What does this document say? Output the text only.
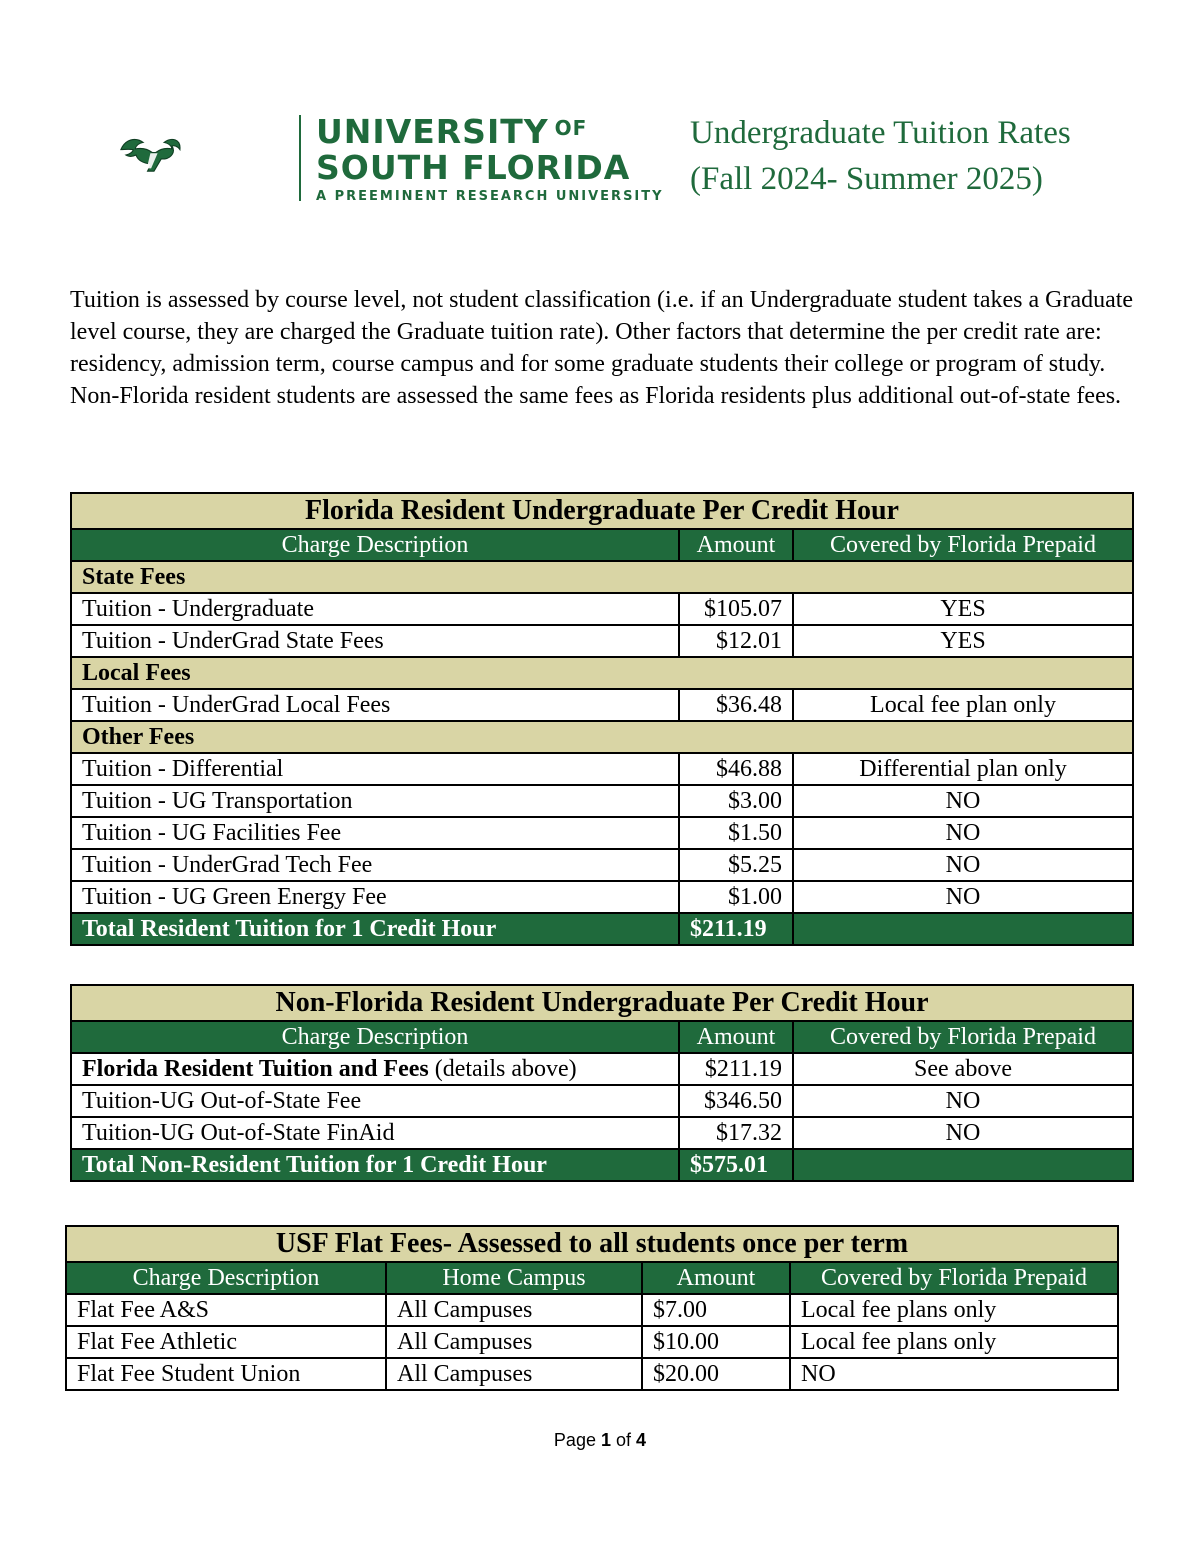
UNIVERSITY $^{OF}$
SOUTH FLORIDA
A PREEMINENT RESEARCH UNIVERSITY
Undergraduate Tuition Rates
(Fall 2024- Summer 2025)
Tuition is assessed by course level, not student classification (i.e. if an Undergraduate student takes a Graduate level course, they are charged the Graduate tuition rate). Other factors that determine the per credit rate are: residency, admission term, course campus and for some graduate students their college or program of study. Non-Florida resident students are assessed the same fees as Florida residents plus additional out-of-state fees.
Florida Resident Undergraduate Per Credit Hour		
Charge Description	Amount	Covered by Florida Prepaid
State Fees		
Tuition - Undergraduate	$105.07	YES
Tuition - UnderGrad State Fees	$12.01	YES
Local Fees		
Tuition - UnderGrad Local Fees	$36.48	Local fee plan only
Other Fees		
Tuition - Differential	$46.88	Differential plan only
Tuition - UG Transportation	$3.00	NO
Tuition - UG Facilities Fee	$1.50	NO
Tuition - UnderGrad Tech Fee	$5.25	NO
Tuition - UG Green Energy Fee	$1.00	NO
Total Resident Tuition for 1 Credit Hour	$211.19	
Non-Florida Resident Undergraduate Per Credit Hour		
Charge Description	Amount	Covered by Florida Prepaid
Florida Resident Tuition and Fees (details above)	$211.19	See above
Tuition-UG Out-of-State Fee	$346.50	NO
Tuition-UG Out-of-State FinAid	$17.32	NO
Total Non-Resident Tuition for 1 Credit Hour	$575.01	
USF Flat Fees- Assessed to all students once per term			
Charge Description	Home Campus	Amount	Covered by Florida Prepaid
Flat Fee A&S	All Campuses	$7.00	Local fee plans only
Flat Fee Athletic	All Campuses	$10.00	Local fee plans only
Flat Fee Student Union	All Campuses	$20.00	NO
Page 1 of 4
